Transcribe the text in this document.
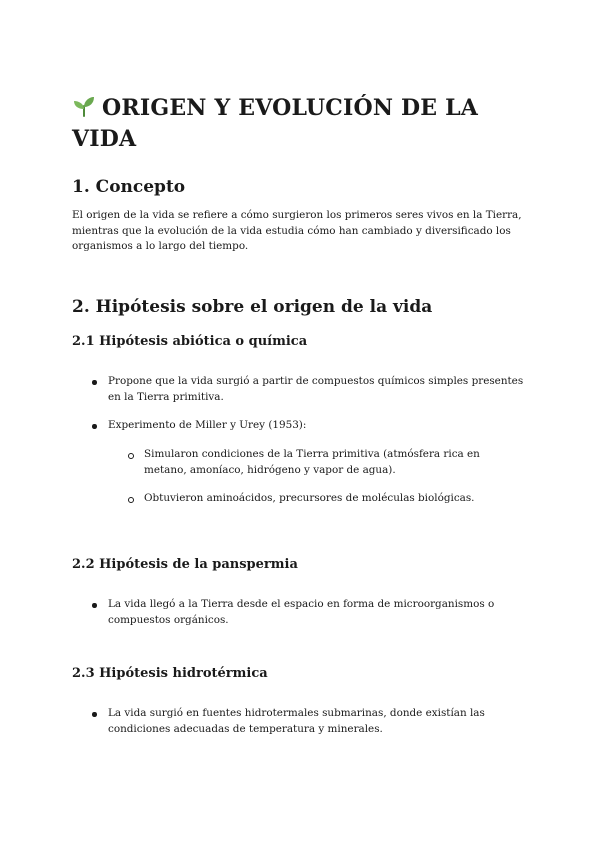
ORIGEN Y EVOLUCIÓN DE LA VIDA
1. Concepto

El origen de la vida se refiere a cómo surgieron los primeros seres vivos en la Tierra, mientras que la evolución de la vida estudia cómo han cambiado y diversificado los organismos a lo largo del tiempo.

2. Hipótesis sobre el origen de la vida
2.1 Hipótesis abiótica o química
Propone que la vida surgió a partir de compuestos químicos simples presentes en la Tierra primitiva.
Experimento de Miller y Urey (1953):
Simularon condiciones de la Tierra primitiva (atmósfera rica en metano, amoníaco, hidrógeno y vapor de agua).
Obtuvieron aminoácidos, precursores de moléculas biológicas.
2.2 Hipótesis de la panspermia
La vida llegó a la Tierra desde el espacio en forma de microorganismos o compuestos orgánicos.
2.3 Hipótesis hidrotérmica
La vida surgió en fuentes hidrotermales submarinas, donde existían las condiciones adecuadas de temperatura y minerales.
